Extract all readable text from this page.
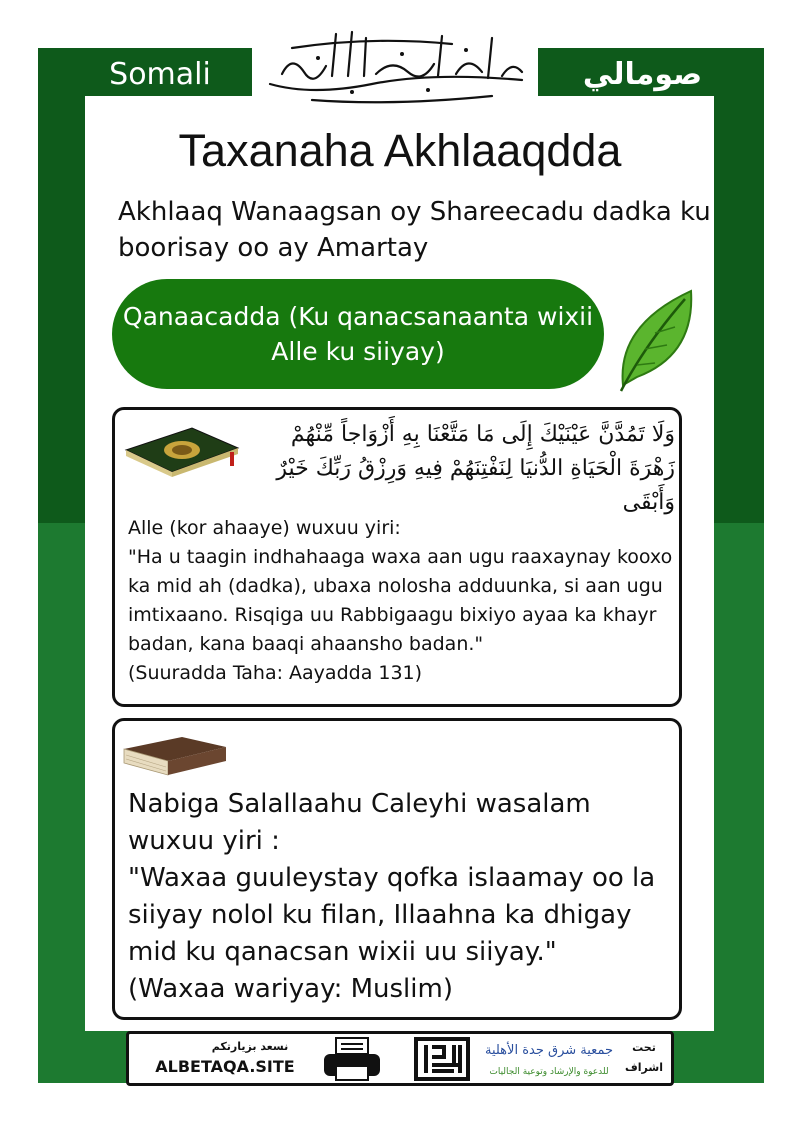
Somali	صومالي
Taxanaha Akhlaaqdda
Akhlaaq Wanaagsan oy Shareecadu dadka ku boorisay oo ay Amartay
Qanaacadda (Ku qanacsanaanta wixii Alle ku siiyay)
وَلَا تَمُدَّنَّ عَيْنَيْكَ إِلَى مَا مَتَّعْنَا بِهِ أَزْوَاجاً مِّنْهُمْ زَهْرَةَ الْحَيَاةِ الدُّنيَا لِنَفْتِنَهُمْ فِيهِ وَرِزْقُ رَبِّكَ خَيْرٌ وَأَبْقَى

Alle (kor ahaaye) wuxuu yiri:

"Ha u taagin indhahaaga waxa aan ugu raaxaynay kooxo ka mid ah (dadka), ubaxa nolosha adduunka, si aan ugu imtixaano. Risqiga uu Rabbigaagu bixiyo ayaa ka khayr badan, kana baaqi ahaansho badan."

(Suuradda Taha: Aayadda 131)

Nabiga Salallaahu Caleyhi wasalam wuxuu yiri :

"Waxaa guuleystay qofka islaamay oo la siiyay nolol ku filan, Illaahna ka dhigay mid ku qanacsan wixii uu siiyay."

(Waxaa wariyay: Muslim)

نسعد بزيارتكم
ALBETAQA.SITE
جمعية شرق جدة الأهلية
للدعوة والإرشاد وتوعية الجاليات
تحت
اشراف
